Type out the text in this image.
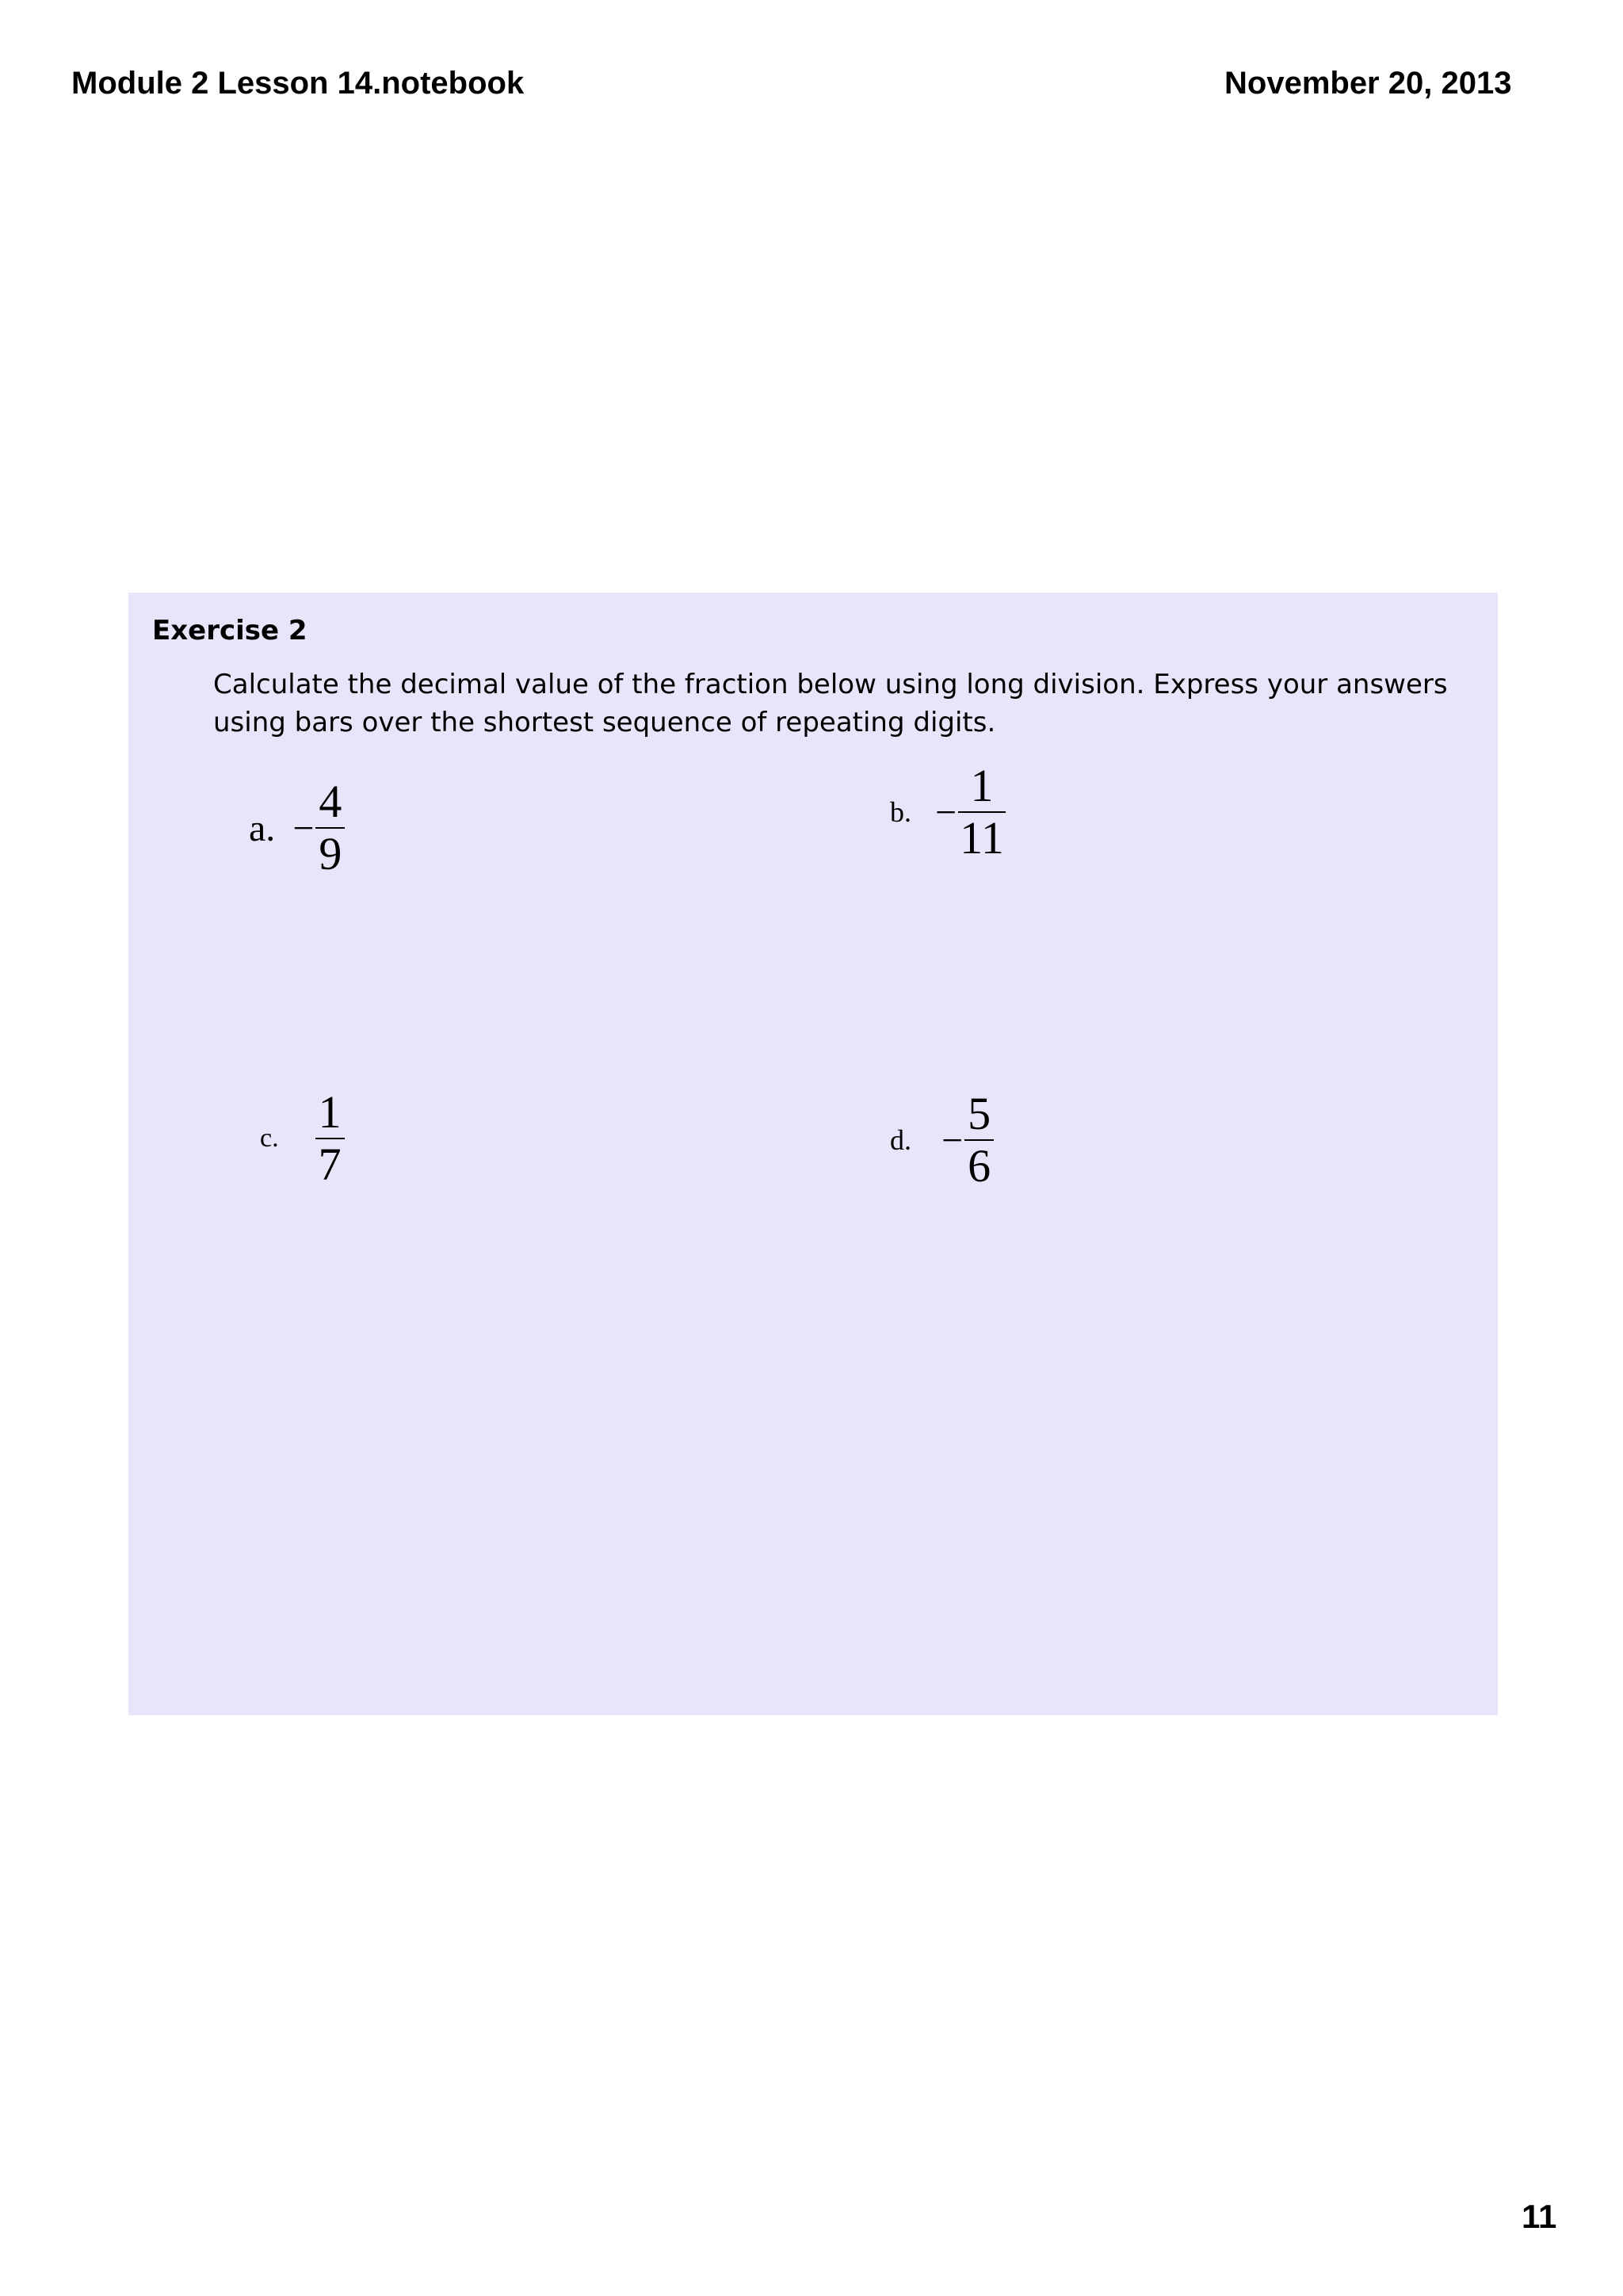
Module 2 Lesson 14.notebook	November 20, 2013
Exercise 2
Calculate the decimal value of the fraction below using long division. Express your answers using bars over the shortest sequence of repeating digits.
a. − $\frac{4}{9}$	b. − $\frac{1}{11}$
c. $\frac{1}{7}$	d. − $\frac{5}{6}$
11
